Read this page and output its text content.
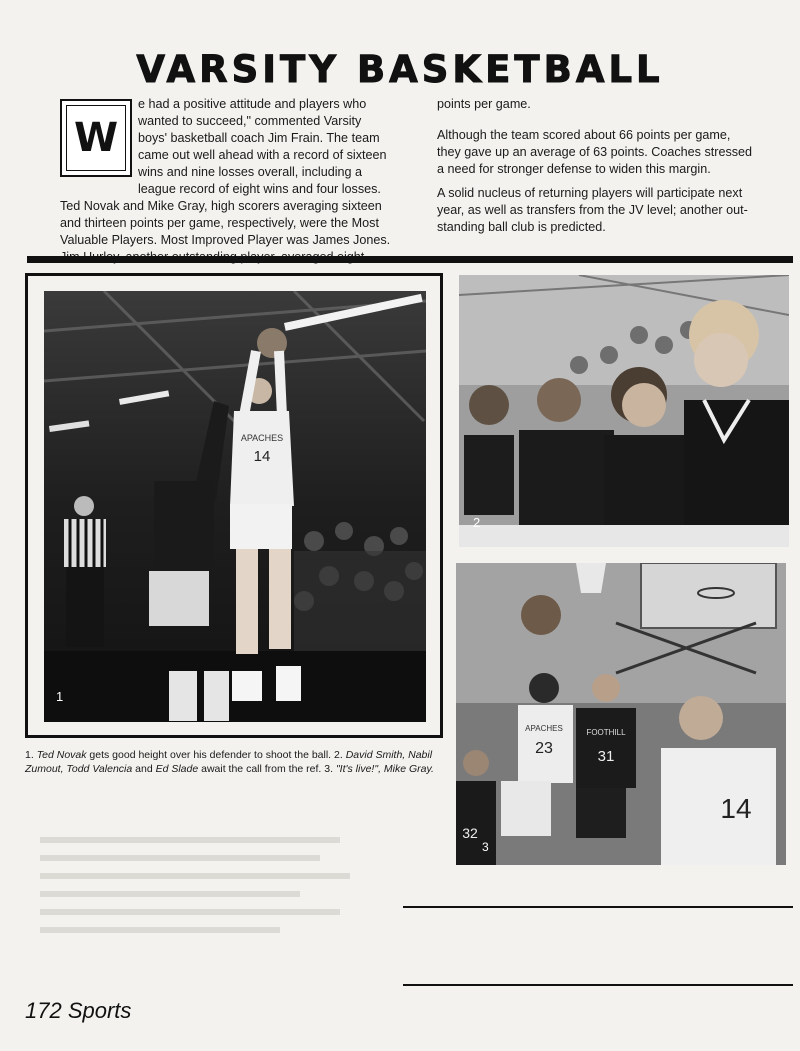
VARSITY BASKETBALL
W
e had a positive attitude and players who
wanted to succeed," commented Varsity
boys' basketball coach Jim Frain. The team
came out well ahead with a record of sixteen
wins and nine losses overall, including a
league record of eight wins and four losses.
Ted Novak and Mike Gray, high scorers averaging sixteen
and thirteen points per game, respectively, were the Most
Valuable Players. Most Improved Player was James Jones.
points per game.
Although the team scored about 66 points per game,
they gave up an average of 63 points. Coaches stressed
a need for stronger defense to widen this margin.
A solid nucleus of returning players will participate next
year, as well as transfers from the JV level; another out-
standing ball club is predicted.
14
APACHES
1
2
23
APACHES
31
FOOTHILL
32
14
3
1. Ted Novak gets good height over his defender to shoot the ball. 2. David Smith, Nabil Zumout, Todd Valencia and Ed Slade await the call from the ref. 3. "It's live!", Mike Gray.
172 Sports
